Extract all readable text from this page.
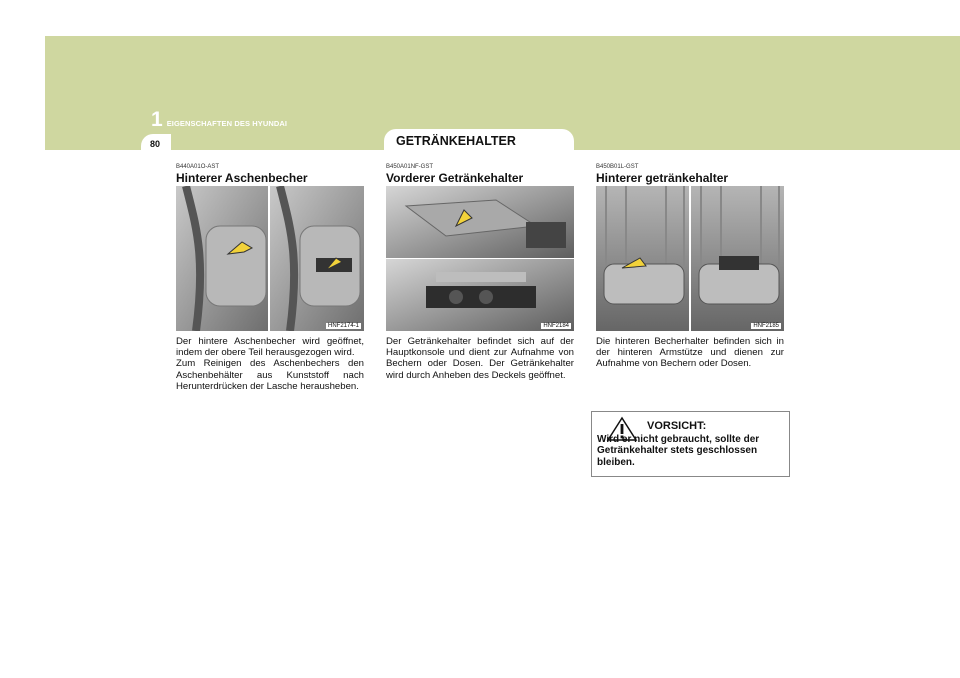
1 EIGENSCHAFTEN DES HYUNDAI
80	GETRÄNKEHALTER
B440A01O-AST
Hinterer Aschenbecher
HNF2174-1

Der hintere Aschenbecher wird geöffnet, indem der obere Teil herausgezogen wird.

Zum Reinigen des Aschenbechers den Aschenbehälter aus Kunststoff nach Herunterdrücken der Lasche herausheben.

B450A01NF-GST
Vorderer Getränkehalter
HNF2184

Der Getränkehalter befindet sich auf der Hauptkonsole und dient zur Aufnahme von Bechern oder Dosen. Der Getränkehalter wird durch Anheben des Deckels geöffnet.

B450B01L-GST
Hinterer getränkehalter
HNF2185

Die hinteren Becherhalter befinden sich in der hinteren Armstütze und dienen zur Aufnahme von Bechern oder Dosen.

VORSICHT:
Wird er nicht gebraucht, sollte der Getränkehalter stets geschlossen bleiben.
